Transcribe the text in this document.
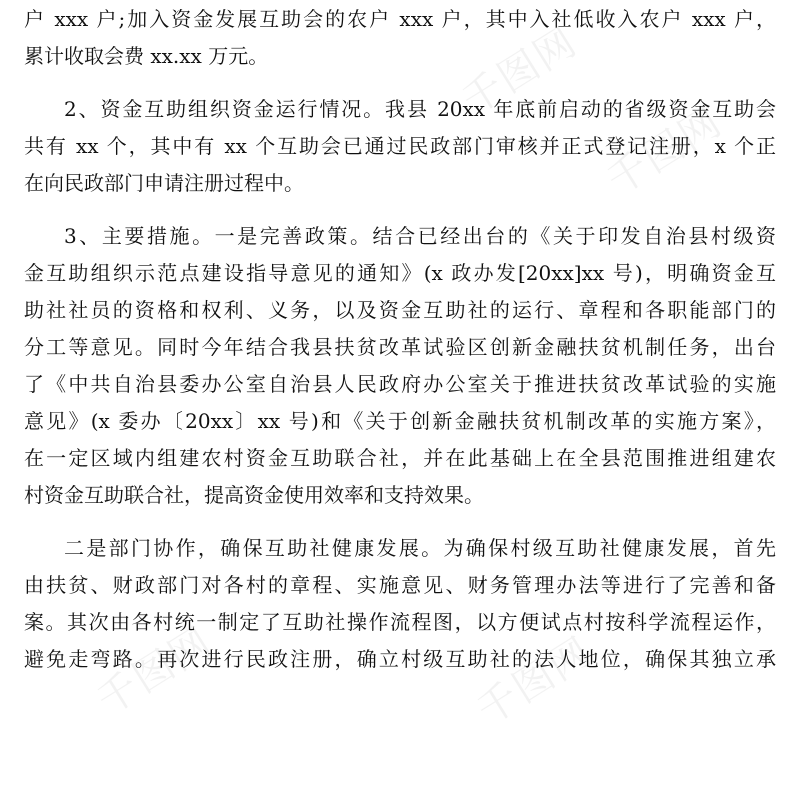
千图网
千图网
千图网	千图网
户 xxx 户;加入资金发展互助会的农户 xxx 户，其中入社低收入农户 xxx 户，
累计收取会费 xx.xx 万元。
2、资金互助组织资金运行情况。我县 20xx 年底前启动的省级资金互助会
共有 xx 个，其中有 xx 个互助会已通过民政部门审核并正式登记注册，x 个正
在向民政部门申请注册过程中。
3、主要措施。一是完善政策。结合已经出台的《关于印发自治县村级资
金互助组织示范点建设指导意见的通知》(x 政办发[20xx]xx 号)，明确资金互
助社社员的资格和权利、义务，以及资金互助社的运行、章程和各职能部门的
分工等意见。同时今年结合我县扶贫改革试验区创新金融扶贫机制任务，出台
了《中共自治县委办公室自治县人民政府办公室关于推进扶贫改革试验的实施
意见》(x 委办〔20xx〕xx 号)和《关于创新金融扶贫机制改革的实施方案》，
在一定区域内组建农村资金互助联合社，并在此基础上在全县范围推进组建农
村资金互助联合社，提高资金使用效率和支持效果。
二是部门协作，确保互助社健康发展。为确保村级互助社健康发展，首先
由扶贫、财政部门对各村的章程、实施意见、财务管理办法等进行了完善和备
案。其次由各村统一制定了互助社操作流程图，以方便试点村按科学流程运作，
避免走弯路。再次进行民政注册，确立村级互助社的法人地位，确保其独立承
